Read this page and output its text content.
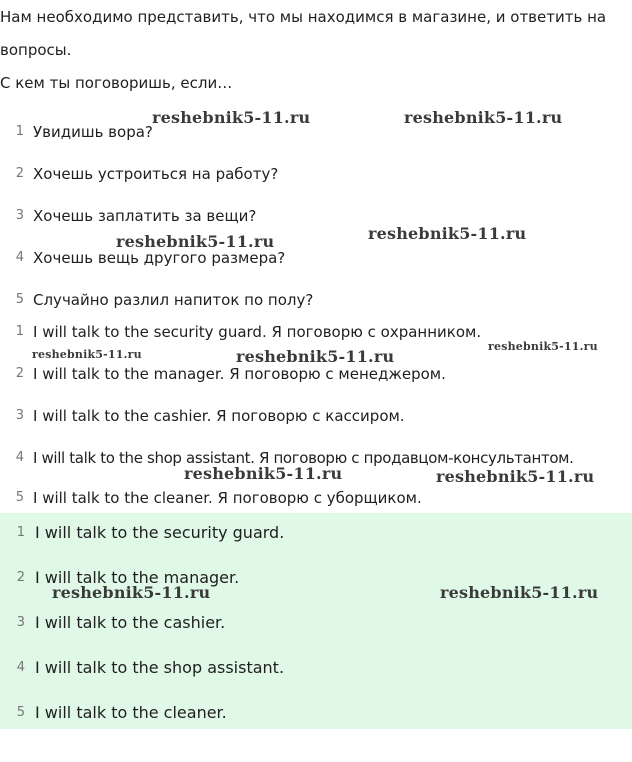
Нам необходимо представить, что мы находимся в магазине, и ответить на
вопросы.
С кем ты поговоришь, если…
1 Увидишь вора?
2 Хочешь устроиться на работу?
3 Хочешь заплатить за вещи?
4 Хочешь вещь другого размера?
5 Случайно разлил напиток по полу?
1 I will talk to the security guard. Я поговорю с охранником.
2 I will talk to the manager. Я поговорю с менеджером.
3 I will talk to the cashier. Я поговорю с кассиром.
4 I will talk to the shop assistant. Я поговорю с продавцом-консультантом.
5 I will talk to the cleaner. Я поговорю с уборщиком.
1 I will talk to the security guard.
2 I will talk to the manager.
3 I will talk to the cashier.
4 I will talk to the shop assistant.
5 I will talk to the cleaner.
reshebnik5-11.ru	reshebnik5-11.ru
reshebnik5-11.ru	reshebnik5-11.ru
reshebnik5-11.ru	reshebnik5-11.ru
reshebnik5-11.ru
reshebnik5-11.ru	reshebnik5-11.ru
reshebnik5-11.ru	reshebnik5-11.ru
